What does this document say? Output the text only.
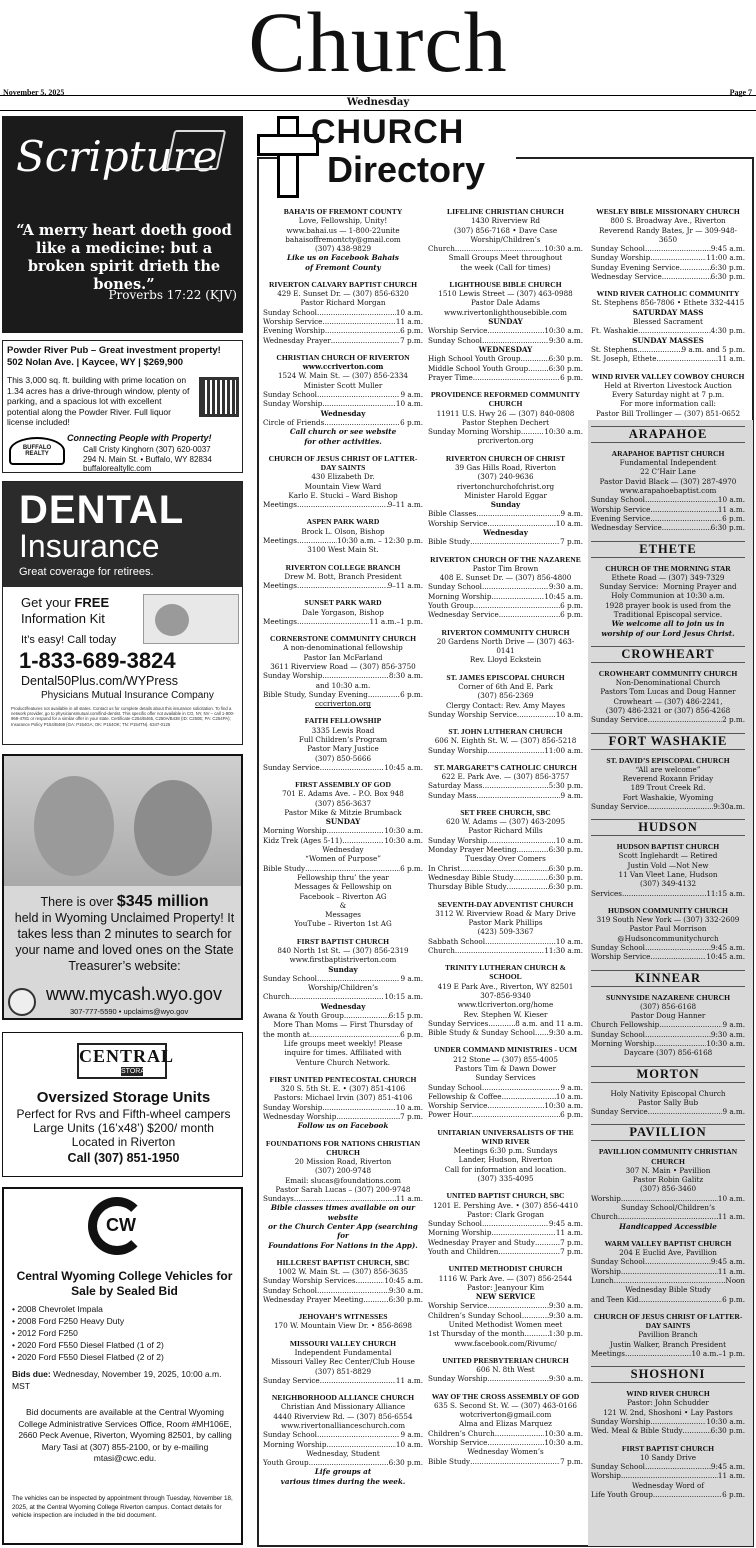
Church
November 5, 2025	Page 7
Wednesday
Scripture
“A merry heart doeth good like a medicine: but a broken spirit drieth the bones.”
Proverbs 17:22 (KJV)
Powder River Pub – Great investment property!
502 Nolan Ave. | Kaycee, WY | $269,900
This 3,000 sq. ft. building with prime location on 1.34 acres has a drive-through window, plenty of parking, and a spacious lot with excellent potential along the Powder River. Full liquor license included!
BUFFALO REALTY
Connecting People with Property!
Call Cristy Kinghorn (307) 620-0037
294 N. Main St. • Buffalo, WY 82834
buffalorealtyllc.com
DENTAL
Insurance
Great coverage for retirees.
Get your FREE
Information Kit
It’s easy! Call today
1-833-689-3824
Dental50Plus.com/WYPress
Physicians Mutual Insurance Company
Product/features not available in all states. Contact us for complete details about this insurance solicitation. To find a network provider, go to physiciansmutual.com/find-dentist. This specific offer not available in CO, NY, NV – call 1-800-969-4781 or respond for a similar offer in your state. Certificate C254/B465, C250A/B438 (ID: C250E; PA: C254PA); Insurance Policy P154/B469 (GA: P154GA; OK: P154OK; TN: P154TN). 6347-0125
There is over $345 million
held in Wyoming Unclaimed Property! It takes less than 2 minutes to search for your name and loved ones on the State Treasurer’s website:
www.mycash.wyo.gov
307-777-5590 • upclaims@wyo.gov
CENTRAL
STORAGE
Oversized Storage Units
Perfect for Rvs and Fifth-wheel campers
Large Units (16’x48’) $200/ month
Located in Riverton
Call (307) 851-1950
CW
Central Wyoming College Vehicles for Sale by Sealed Bid
• 2008 Chevrolet Impala
• 2008 Ford F250 Heavy Duty
• 2012 Ford F250
• 2020 Ford F550 Diesel Flatbed (1 of 2)
• 2020 Ford F550 Diesel Flatbed (2 of 2)
Bids due: Wednesday, November 19, 2025, 10:00 a.m. MST
Bid documents are available at the Central Wyoming College Administrative Services Office, Room #MH106E, 2660 Peck Avenue, Riverton, Wyoming 82501, by calling Mary Tasi at (307) 855-2100, or by e-mailing mtasi@cwc.edu.
The vehicles can be inspected by appointment through Tuesday, November 18, 2025, at the Central Wyoming College Riverton campus. Contact details for vehicle inspection are included in the bid document.
CHURCH
Directory
BAHA’IS OF FREMONT COUNTY
Love, Fellowship, Unity!
www.bahai.us — 1-800-22unite
bahaisoffremontcty@gmail.com
(307) 438-9829
Like us on Facebook Bahais
of Fremont County
RIVERTON CALVARY BAPTIST CHURCH
429 E. Sunset Dr. — (307) 856-6320
Pastor Richard Morgan
Sunday School .....	10 a.m.
Worship Service .....	11 a.m.
Evening Worship .....	6 p.m.
Wednesday Prayer .....	7 p.m.
CHRISTIAN CHURCH OF RIVERTON
www.ccriverton.com
1524 W. Main St. — (307) 856-2334
Minister Scott Muller
Sunday School .....	9 a.m.
Sunday Worship .....	10 a.m.
Wednesday
Circle of Friends .....	6 p.m.
Call church or see website
for other activities.
CHURCH OF JESUS CHRIST OF LATTER-DAY SAINTS
430 Elizabeth Dr.
Mountain View Ward
Karlo E. Stucki – Ward Bishop
Meetings .....	9–11 a.m.
ASPEN PARK WARD
Brock L. Olson, Bishop
Meetings .....	10:30 a.m. – 12:30 p.m.
3100 West Main St.
RIVERTON COLLEGE BRANCH
Drew M. Bott, Branch President
Meetings .....	9–11 a.m.
SUNSET PARK WARD
Dale Yorgason, Bishop
Meetings .....	11 a.m.–1 p.m.
CORNERSTONE COMMUNITY CHURCH
A non-denominational fellowship
Pastor Ian McFarland
3611 Riverview Road — (307) 856-3750
Sunday Worship .....	8:30 a.m.
and 10:30 a.m.
Bible Study, Sunday Evening .....	6 p.m.
cccriverton.org
FAITH FELLOWSHIP
3335 Lewis Road
Full Children’s Program
Pastor Mary Justice
(307) 850-5666
Sunday Service .....	10:45 a.m.
FIRST ASSEMBLY OF GOD
701 E. Adams Ave. – P.O. Box 948
(307) 856-3637
Pastor Mike & Mitzie Brumback
SUNDAY
Morning Worship .....	10:30 a.m.
Kidz Trek (Ages 5-11) .....	10:30 a.m.
Wednesday
“Women of Purpose”
Bible Study .....	6 p.m.
Fellowship thru’ the year
Messages & Fellowship on
Facebook – Riverton AG
&
Messages
YouTube – Riverton 1st AG
FIRST BAPTIST CHURCH
840 North 1st St. — (307) 856-2319
www.firstbaptistriverton.com
Sunday
Sunday School .....	9 a.m.
Worship/Children’s
Church .....	10:15 a.m.
Wednesday
Awana & Youth Group .....	6:15 p.m.
More Than Moms — First Thursday of
the month at .....	6 p.m.
Life groups meet weekly! Please
inquire for times. Affiliated with
Venture Church Network.
FIRST UNITED PENTECOSTAL CHURCH
320 S. 5th St. E. • (307) 851-4106
Pastors: Michael Irvin (307) 851-4106
Sunday Worship .....	10 a.m.
Wednesday Worship .....	7 p.m.
Follow us on Facebook
FOUNDATIONS FOR NATIONS CHRISTIAN CHURCH
20 Mission Road, Riverton
(307) 200-9748
Email: slucas@foundations.com
Pastor Sarah Lucas – (307) 200-9748
Sundays .....	11 a.m.
Bible classes times available on our website
or the Church Center App (searching for
Foundations For Nations in the App).
HILLCREST BAPTIST CHURCH, SBC
1002 W. Main St. — (307) 856-3635
Sunday Worship Services .....	10:45 a.m.
Sunday School .....	9:30 a.m.
Wednesday Prayer Meeting .....	6:30 p.m.
JEHOVAH’S WITNESSES
170 W. Mountain View Dr. • 856-8698
MISSOURI VALLEY CHURCH
Independent Fundamental
Missouri Valley Rec Center/Club House
(307) 851-8829
Sunday Service .....	11 a.m.
NEIGHBORHOOD ALLIANCE CHURCH
Christian And Missionary Alliance
4440 Riverview Rd. — (307) 856-6554
www.rivertonallianceschurch.com
Sunday School .....	9 a.m.
Morning Worship .....	10 a.m.
Wednesday, Student
Youth Group .....	6:30 p.m.
Life groups at
various times during the week.
LIFELINE CHRISTIAN CHURCH
1430 Riverview Rd
(307) 856-7168 • Dave Case
Worship/Children’s
Church .....	10:30 a.m.
Small Groups Meet throughout
the week (Call for times)
LIGHTHOUSE BIBLE CHURCH
1510 Lewis Street — (307) 463-0988
Pastor Dale Adams
www.rivertonlighthousebible.com
SUNDAY
Worship Service .....	10:30 a.m.
Sunday School .....	9:30 a.m.
WEDNESDAY
High School Youth Group .....	6:30 p.m.
Middle School Youth Group .....	6:30 p.m.
Prayer Time .....	6 p.m.
PROVIDENCE REFORMED COMMUNITY CHURCH
11911 U.S. Hwy 26 — (307) 840-0808
Pastor Stephen Dechert
Sunday Morning Worship .....	10:30 a.m.
prcriverton.org
RIVERTON CHURCH OF CHRIST
39 Gas Hills Road, Riverton
(307) 240-9636
rivertonchurchofchrist.org
Minister Harold Eggar
Sunday
Bible Classes .....	9 a.m.
Worship Service .....	10 a.m.
Wednesday
Bible Study .....	7 p.m.
RIVERTON CHURCH OF THE NAZARENE
Pastor Tim Brown
408 E. Sunset Dr. — (307) 856-4800
Sunday School .....	9:30 a.m.
Morning Worship .....	10:45 a.m.
Youth Group .....	6 p.m.
Wednesday Service .....	6 p.m.
RIVERTON COMMUNITY CHURCH
20 Gardens North Drive — (307) 463-0141
Rev. Lloyd Eckstein
ST. JAMES EPISCOPAL CHURCH
Corner of 6th And E. Park
(307) 856-2369
Clergy Contact: Rev. Amy Mayes
Sunday Worship Service .....	10 a.m.
ST. JOHN LUTHERAN CHURCH
606 N. Eighth St. W. — (307) 856-5218
Sunday Worship .....	11:00 a.m.
ST. MARGARET’S CATHOLIC CHURCH
622 E. Park Ave. — (307) 856-3757
Saturday Mass .....	5:30 p.m.
Sunday Mass .....	9 a.m.
SET FREE CHURCH, SBC
620 W. Adams — (307) 463-2095
Pastor Richard Mills
Sunday Worship .....	10 a.m.
Monday Prayer Meeting .....	6:30 p.m.
Tuesday Over Comers
In Christ .....	6:30 p.m.
Wednesday Bible Study .....	6:30 p.m.
Thursday Bible Study .....	6:30 p.m.
SEVENTH-DAY ADVENTIST CHURCH
3112 W. Riverview Road & Mary Drive
Pastor Mark Phillips
(423) 509-3367
Sabbath School .....	10 a.m.
Church .....	11:30 a.m.
TRINITY LUTHERAN CHURCH & SCHOOL
419 E Park Ave., Riverton, WY 82501
307-856-9340
www.tlcriverton.org/home
Rev. Stephen W. Kieser
Sunday Services .....	8 a.m. and 11 a.m.
Bible Study & Sunday School ..... 9:30 a.m.
UNDER COMMAND MINISTRIES - UCM
212 Stone — (307) 855-4005
Pastors Tim & Dawn Dower
Sunday Services
Sunday School .....	9 a.m.
Fellowship & Coffee .....	10 a.m.
Worship Service .....	10:30 a.m.
Power Hour .....	6 p.m.
UNITARIAN UNIVERSALISTS OF THE WIND RIVER
Meetings 6:30 p.m. Sundays
Lander, Hudson, Riverton
Call for information and location.
(307) 335-4095
UNITED BAPTIST CHURCH, SBC
1201 E. Pershing Ave. • (307) 856-4410
Pastor: Clark Grogan
Sunday School .....	9:45 a.m.
Morning Worship .....	11 a.m.
Wednesday Prayer and Study .....	7 p.m.
Youth and Children .....	7 p.m.
UNITED METHODIST CHURCH
1116 W. Park Ave. — (307) 856-2544
Pastor: Jeanyour Kim
NEW SERVICE
Worship Service .....	9:30 a.m.
Children’s Sunday School .....	9:30 a.m.
United Methodist Women meet
1st Thursday of the month .....	1:30 p.m.
www.facebook.com/Rivumc/
UNITED PRESBYTERIAN CHURCH
606 N. 8th West
Sunday Worship .....	9:30 a.m.
WAY OF THE CROSS ASSEMBLY OF GOD
635 S. Second St. W. — (307) 463-0166
wotcriverton@gmail.com
Alma and Elizas Marquez
Children’s Church .....	10:30 a.m.
Worship Service .....	10:30 a.m.
Wednesday Women’s
Bible Study .....	7 p.m.
WESLEY BIBLE MISSIONARY CHURCH
800 S. Broadway Ave., Riverton
Reverend Randy Bates, Jr — 309-948-3650
Sunday School .....	9:45 a.m.
Sunday Worship .....	11:00 a.m.
Sunday Evening Service .....	6:30 p.m.
Wednesday Service .....	6:30 p.m.
WIND RIVER CATHOLIC COMMUNITY
St. Stephens 856-7806 • Ethete 332-4415
SATURDAY MASS
Blessed Sacrament
Ft. Washakie .....	4:30 p.m.
SUNDAY MASSES
St. Stephens .....	9 a.m. and 5 p.m.
St. Joseph, Ethete .....	11 a.m.
WIND RIVER VALLEY COWBOY CHURCH
Held at Riverton Livestock Auction
Every Saturday night at 7 p.m.
For more information call:
Pastor Bill Trollinger — (307) 851-0652
ARAPAHOE
ARAPAHOE BAPTIST CHURCH
Fundamental Independent
22 C’Hair Lane
Pastor David Black — (307) 287-4970
www.arapahoebaptist.com
Sunday School .....	10 a.m.
Worship Service .....	11 a.m.
Evening Service .....	6 p.m.
Wednesday Service .....	6:30 p.m.
ETHETE
CHURCH OF THE MORNING STAR
Ethete Road — (307) 349-7329
Sunday Service:  Morning Prayer and
Holy Communion at 10:30 a.m.
1928 prayer book is used from the
Traditional Episcopal service.
We welcome all to join us in
worship of our Lord Jesus Christ.
CROWHEART
CROWHEART COMMUNITY CHURCH
Non-Denominational Church
Pastors Tom Lucas and Doug Hanner
Crowheart — (307) 486-2241,
(307) 486-2321 or (307) 856-4268
Sunday Service .....	2 p.m.
FORT WASHAKIE
ST. DAVID’S EPISCOPAL CHURCH
“All are welcome”
Reverend Roxann Friday
189 Trout Creek Rd.
Fort Washakie, Wyoming
Sunday Service .....	9:30a.m.
HUDSON
HUDSON BAPTIST CHURCH
Scott Inglehardt — Retired
Justin Vold —Not New
11 Van Vleet Lane, Hudson
(307) 349-4132
Services .....	11:15 a.m.
HUDSON COMMUNITY CHURCH
319 South New York — (307) 332-2609
Pastor Paul Morrison
@Hudsoncommunitychurch
Sunday School .....	9:45 a.m.
Worship Service .....	10:45 a.m.
KINNEAR
SUNNYSIDE NAZARENE CHURCH
(307) 856-6168
Pastor Doug Hanner
Church Fellowship .....	9 a.m.
Sunday School .....	9:30 a.m.
Morning Worship .....	10:30 a.m.
Daycare (307) 856-6168
MORTON
Holy Nativity Episcopal Church
Pastor Sally Bub
Sunday Service .....	9 a.m.
PAVILLION
PAVILLION COMMUNITY CHRISTIAN CHURCH
307 N. Main • Pavillion
Pastor Robin Galitz
(307) 856-3460
Worship .....	10 a.m.
Sunday School/Children’s
Church .....	11 a.m.
Handicapped Accessible
WARM VALLEY BAPTIST CHURCH
204 E Euclid Ave, Pavillion
Sunday School .....	9:45 a.m.
Worship .....	11 a.m.
Lunch .....	Noon
Wednesday Bible Study
and Teen Kid .....	6 p.m.
CHURCH OF JESUS CHRIST OF LATTER-DAY SAINTS
Pavillion Branch
Justin Walker, Branch President
Meetings .....	10 a.m.–1 p.m.
SHOSHONI
WIND RIVER CHURCH
Pastor: John Schudder
121 W. 2nd, Shoshoni • Lay Pastors
Sunday Worship .....	10:30 a.m.
Wed. Meal & Bible Study .....	6:30 p.m.
FIRST BAPTIST CHURCH
10 Sandy Drive
Sunday School .....	9:45 a.m.
Worship .....	11 a.m.
Wednesday Word of
Life Youth Group .....	6 p.m.
